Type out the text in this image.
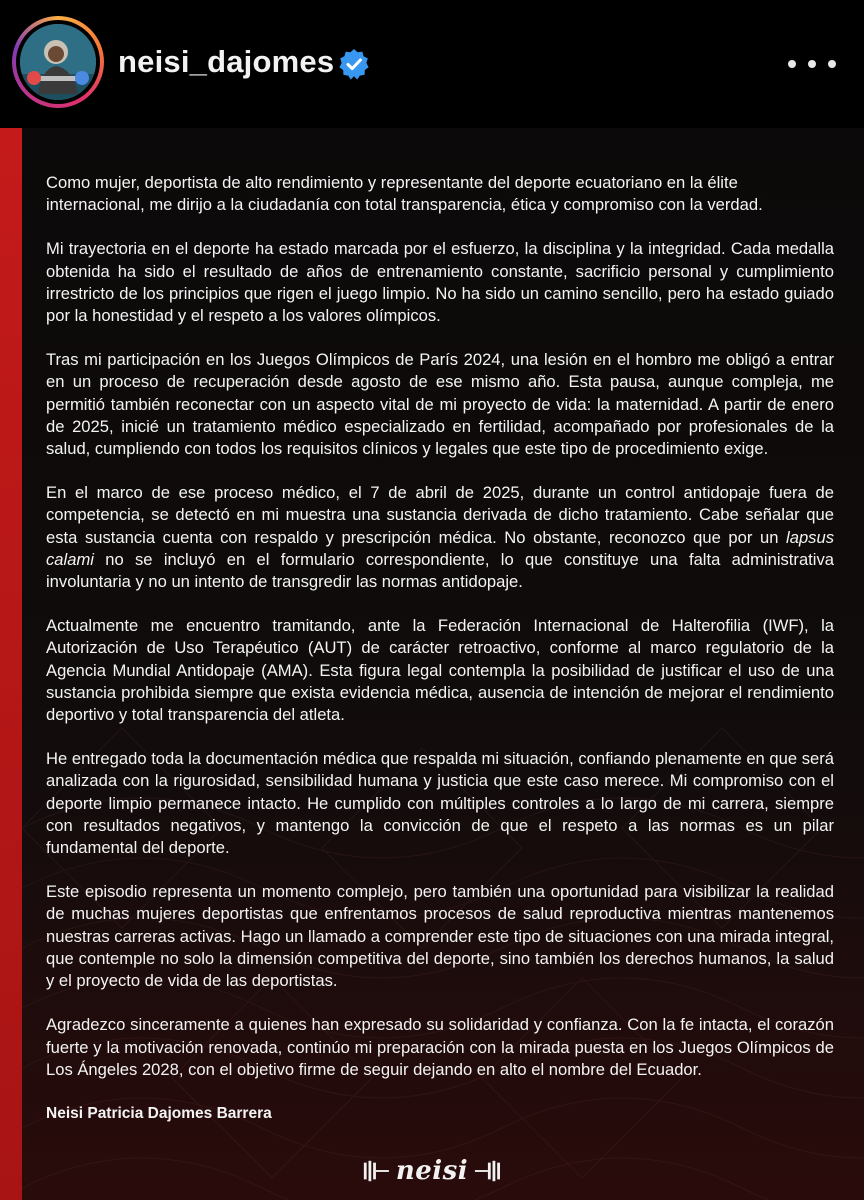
neisi_dajomes

Como mujer, deportista de alto rendimiento y representante del deporte ecuatoriano en la élite internacional, me dirijo a la ciudadanía con total transparencia, ética y compromiso con la verdad.

Mi trayectoria en el deporte ha estado marcada por el esfuerzo, la disciplina y la integridad. Cada medalla obtenida ha sido el resultado de años de entrenamiento constante, sacrificio personal y cumplimiento irrestricto de los principios que rigen el juego limpio. No ha sido un camino sencillo, pero ha estado guiado por la honestidad y el respeto a los valores olímpicos.

Tras mi participación en los Juegos Olímpicos de París 2024, una lesión en el hombro me obligó a entrar en un proceso de recuperación desde agosto de ese mismo año. Esta pausa, aunque compleja, me permitió también reconectar con un aspecto vital de mi proyecto de vida: la maternidad. A partir de enero de 2025, inicié un tratamiento médico especializado en fertilidad, acompañado por profesionales de la salud, cumpliendo con todos los requisitos clínicos y legales que este tipo de procedimiento exige.

En el marco de ese proceso médico, el 7 de abril de 2025, durante un control antidopaje fuera de competencia, se detectó en mi muestra una sustancia derivada de dicho tratamiento. Cabe señalar que esta sustancia cuenta con respaldo y prescripción médica. No obstante, reconozco que por un lapsus calami no se incluyó en el formulario correspondiente, lo que constituye una falta administrativa involuntaria y no un intento de transgredir las normas antidopaje.

Actualmente me encuentro tramitando, ante la Federación Internacional de Halterofilia (IWF), la Autorización de Uso Terapéutico (AUT) de carácter retroactivo, conforme al marco regulatorio de la Agencia Mundial Antidopaje (AMA). Esta figura legal contempla la posibilidad de justificar el uso de una sustancia prohibida siempre que exista evidencia médica, ausencia de intención de mejorar el rendimiento deportivo y total transparencia del atleta.

He entregado toda la documentación médica que respalda mi situación, confiando plenamente en que será analizada con la rigurosidad, sensibilidad humana y justicia que este caso merece. Mi compromiso con el deporte limpio permanece intacto. He cumplido con múltiples controles a lo largo de mi carrera, siempre con resultados negativos, y mantengo la convicción de que el respeto a las normas es un pilar fundamental del deporte.

Este episodio representa un momento complejo, pero también una oportunidad para visibilizar la realidad de muchas mujeres deportistas que enfrentamos procesos de salud reproductiva mientras mantenemos nuestras carreras activas. Hago un llamado a comprender este tipo de situaciones con una mirada integral, que contemple no solo la dimensión competitiva del deporte, sino también los derechos humanos, la salud y el proyecto de vida de las deportistas.

Agradezco sinceramente a quienes han expresado su solidaridad y confianza. Con la fe intacta, el corazón fuerte y la motivación renovada, continúo mi preparación con la mirada puesta en los Juegos Olímpicos de Los Ángeles 2028, con el objetivo firme de seguir dejando en alto el nombre del Ecuador.

Neisi Patricia Dajomes Barrera
neisi
